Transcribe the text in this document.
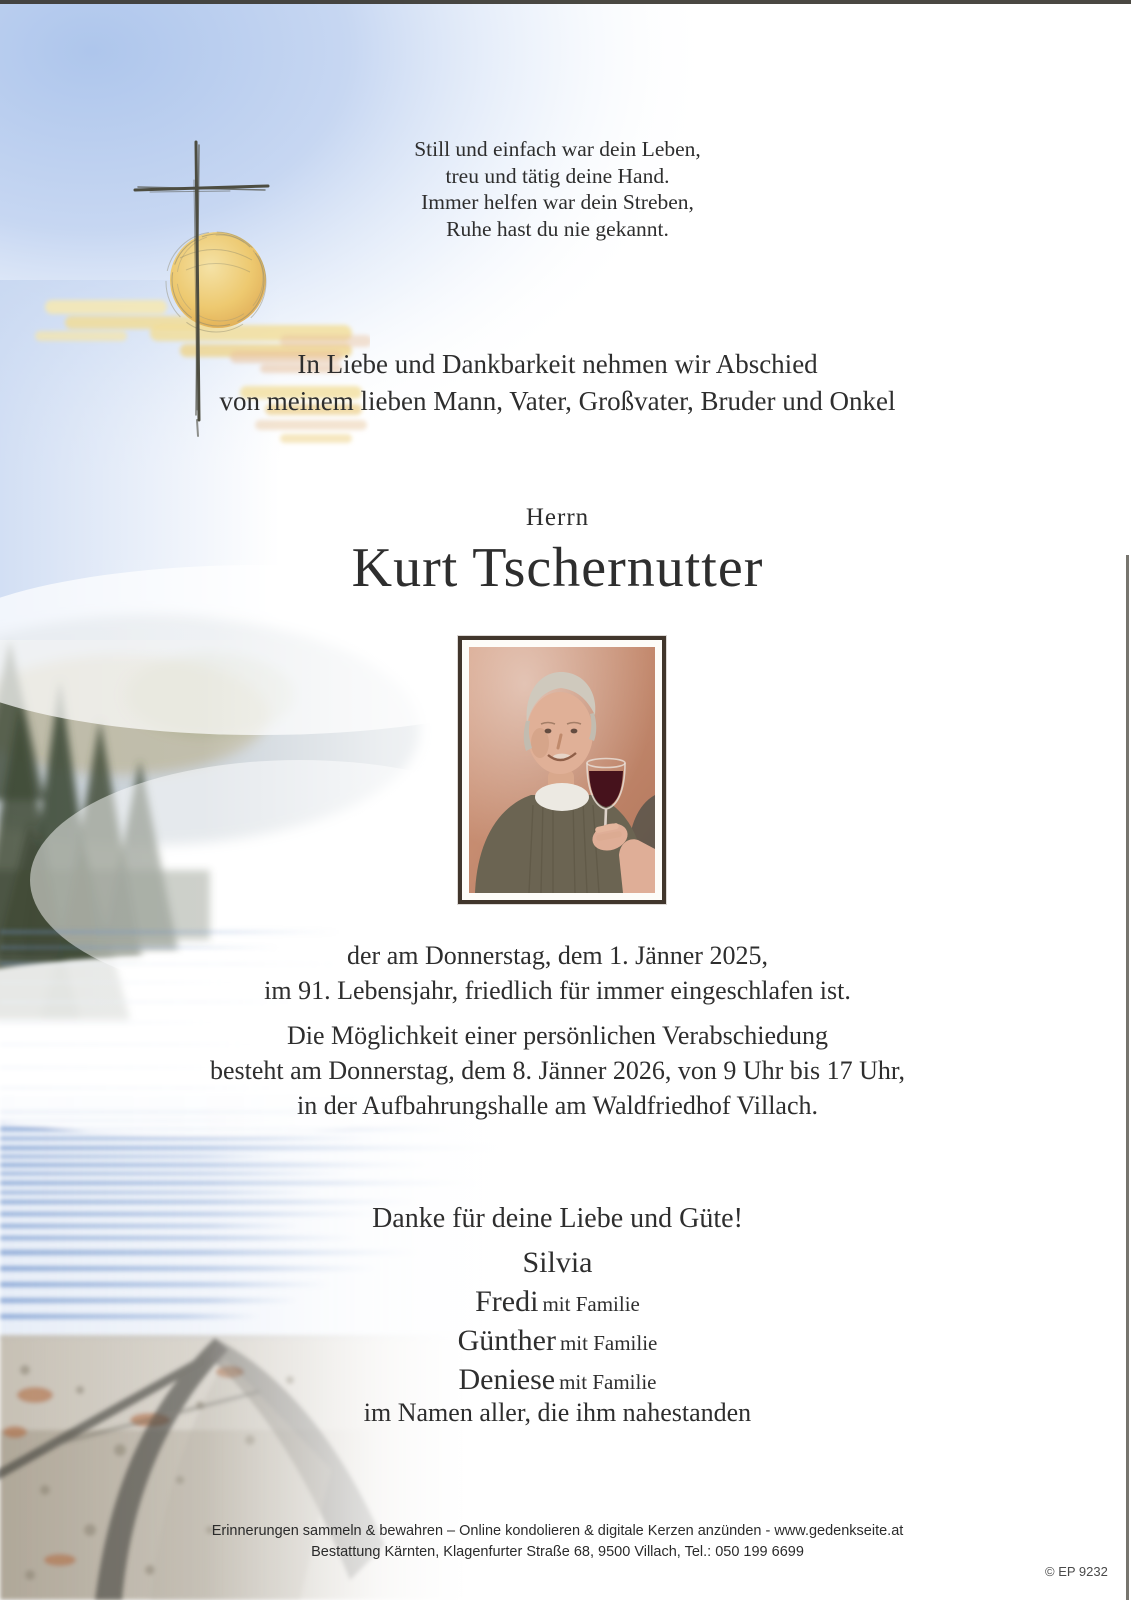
Still und einfach war dein Leben,
treu und tätig deine Hand.
Immer helfen war dein Streben,
Ruhe hast du nie gekannt.
In Liebe und Dankbarkeit nehmen wir Abschied
von meinem lieben Mann, Vater, Großvater, Bruder und Onkel
Herrn
Kurt Tschernutter
der am Donnerstag, dem 1. Jänner 2025,
im 91. Lebensjahr, friedlich für immer eingeschlafen ist.
Die Möglichkeit einer persönlichen Verabschiedung
besteht am Donnerstag, dem 8. Jänner 2026, von 9 Uhr bis 17 Uhr,
in der Aufbahrungshalle am Waldfriedhof Villach.
Danke für deine Liebe und Güte!
Silvia
Fredi mit Familie
Günther mit Familie
Deniese mit Familie
im Namen aller, die ihm nahestanden
Erinnerungen sammeln & bewahren – Online kondolieren & digitale Kerzen anzünden - www.gedenkseite.at
Bestattung Kärnten, Klagenfurter Straße 68, 9500 Villach, Tel.: 050 199 6699
© EP 9232
